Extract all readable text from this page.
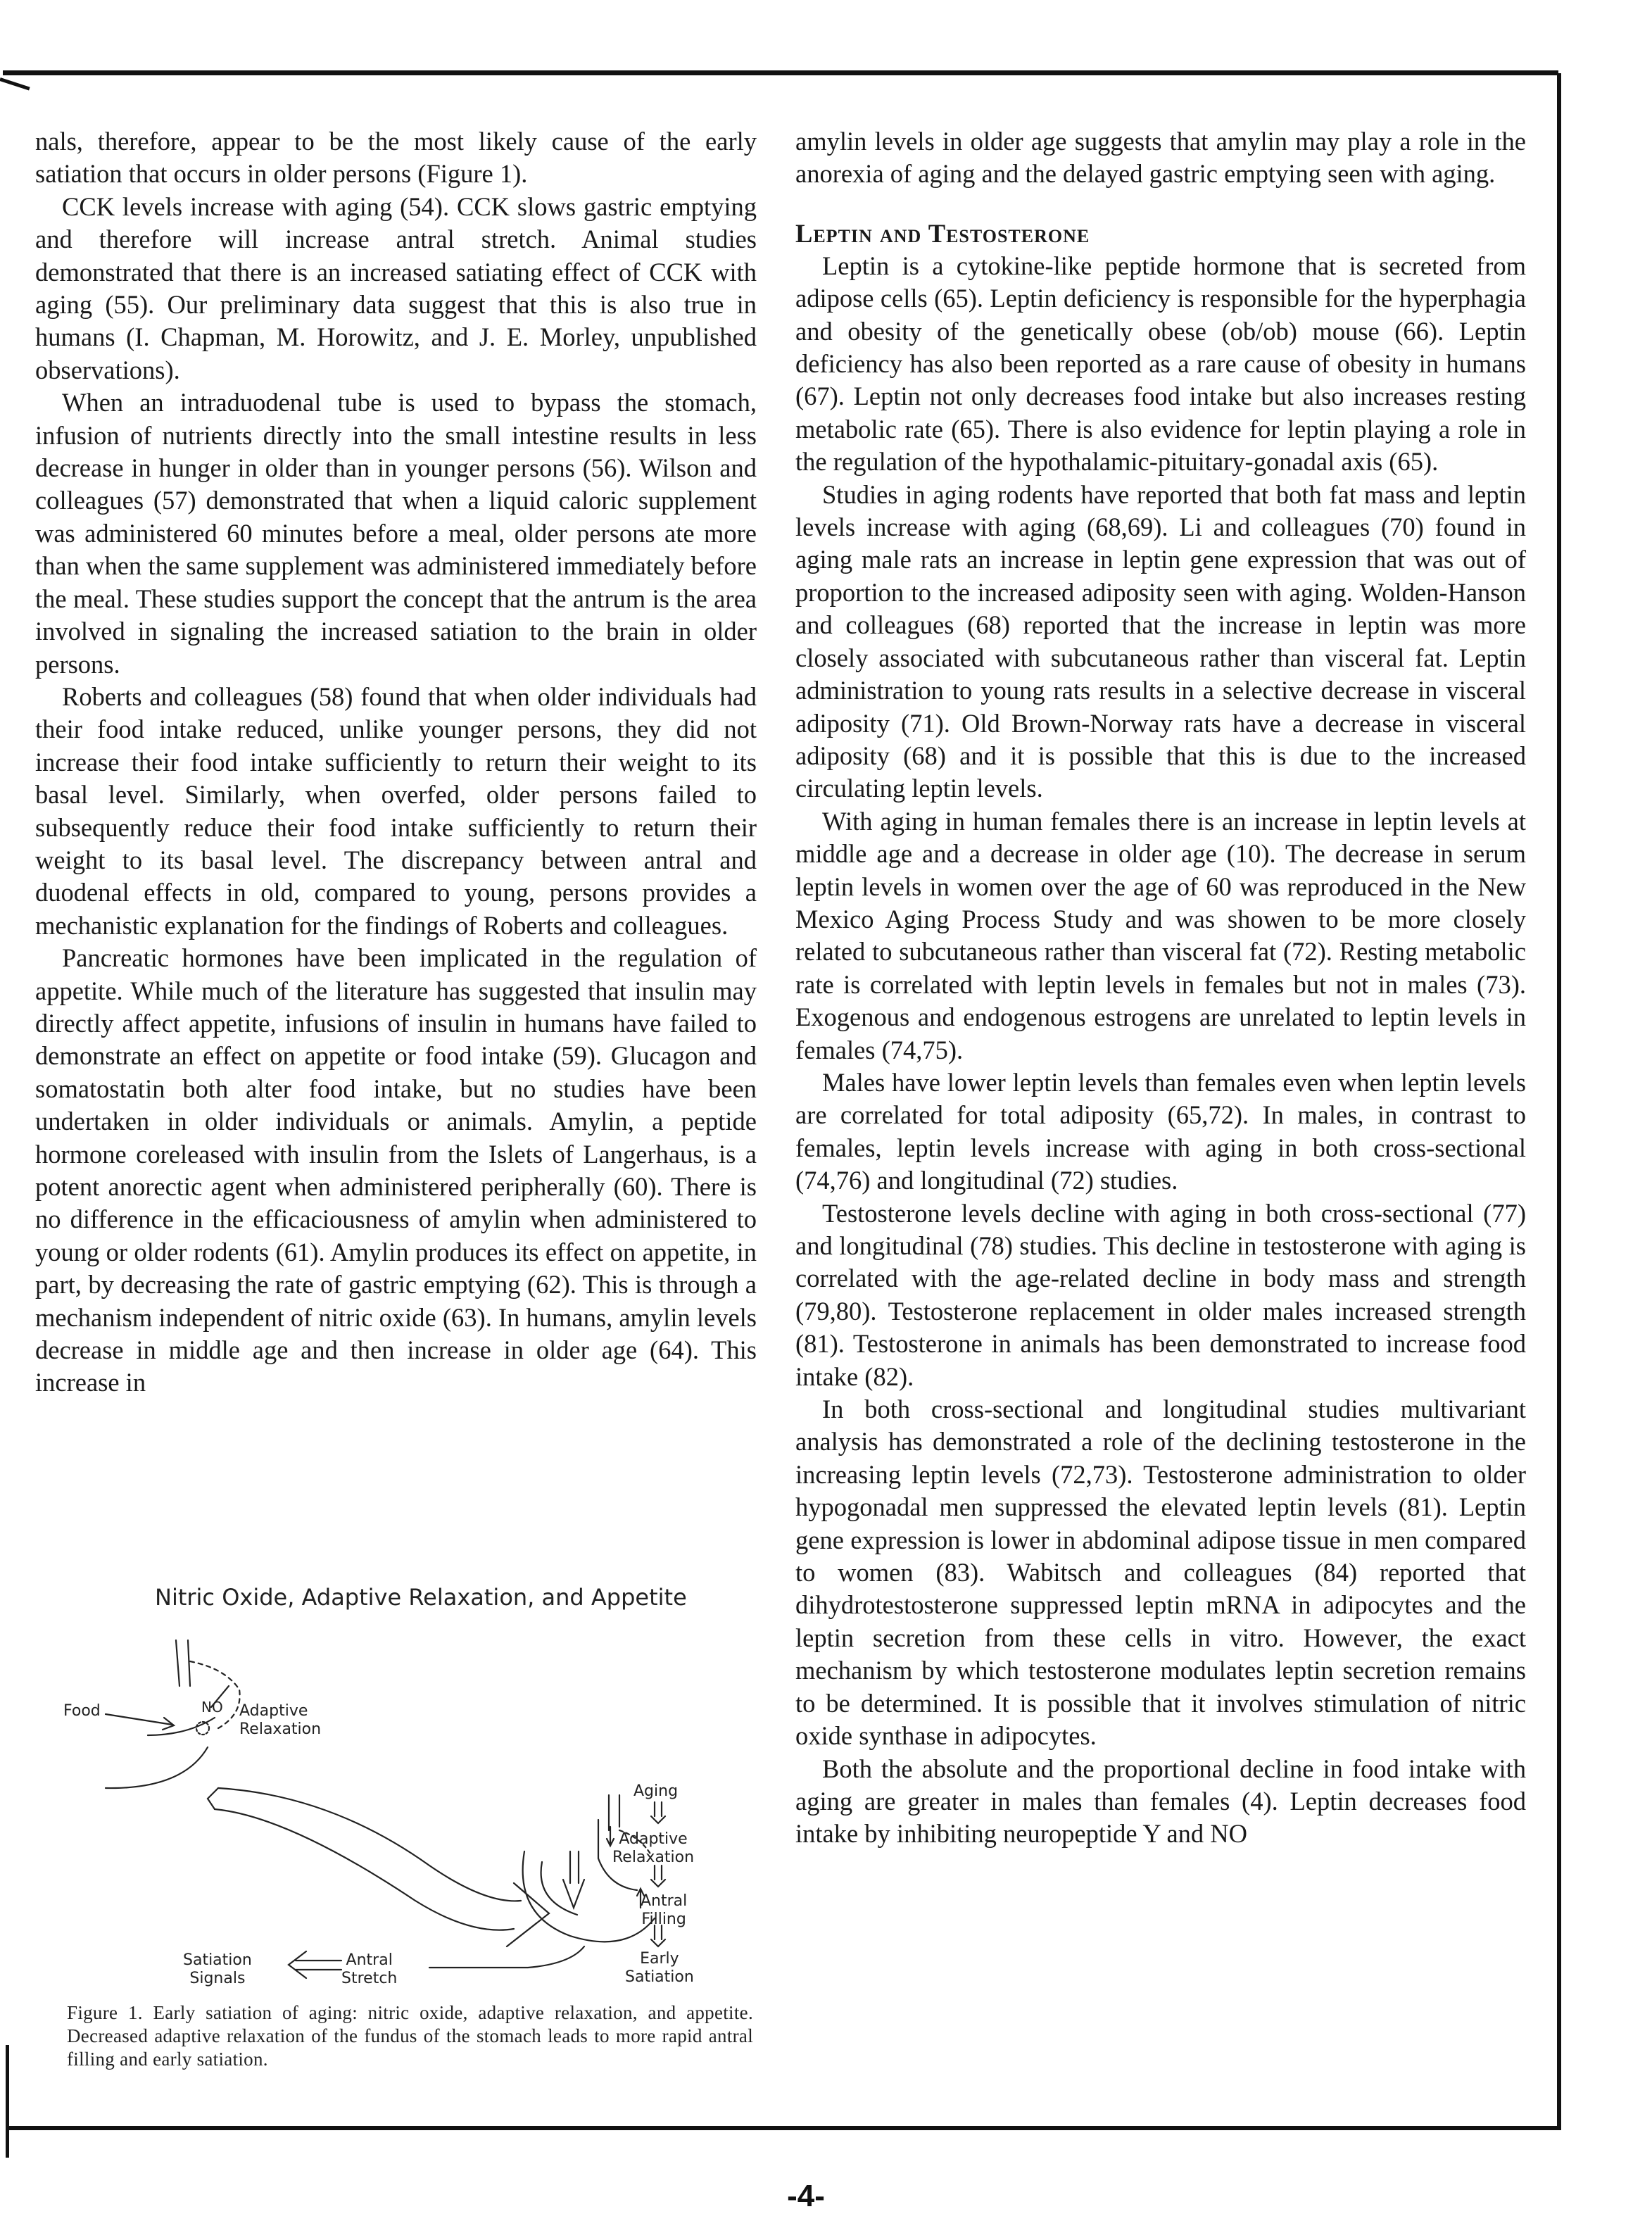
nals, therefore, appear to be the most likely cause of the early satiation that occurs in older persons (Figure 1).

CCK levels increase with aging (54). CCK slows gastric emptying and therefore will increase antral stretch. Animal studies demonstrated that there is an increased satiating effect of CCK with aging (55). Our preliminary data suggest that this is also true in humans (I. Chapman, M. Horowitz, and J. E. Morley, unpublished observations).

When an intraduodenal tube is used to bypass the stomach, infusion of nutrients directly into the small intestine results in less decrease in hunger in older than in younger persons (56). Wilson and colleagues (57) demonstrated that when a liquid caloric supplement was administered 60 minutes before a meal, older persons ate more than when the same supplement was administered immediately before the meal. These studies support the concept that the antrum is the area involved in signaling the increased satiation to the brain in older persons.

Roberts and colleagues (58) found that when older individuals had their food intake reduced, unlike younger persons, they did not increase their food intake sufficiently to return their weight to its basal level. Similarly, when overfed, older persons failed to subsequently reduce their food intake sufficiently to return their weight to its basal level. The discrepancy between antral and duodenal effects in old, compared to young, persons provides a mechanistic explanation for the findings of Roberts and colleagues.

Pancreatic hormones have been implicated in the regulation of appetite. While much of the literature has suggested that insulin may directly affect appetite, infusions of insulin in humans have failed to demonstrate an effect on appetite or food intake (59). Glucagon and somatostatin both alter food intake, but no studies have been undertaken in older individuals or animals. Amylin, a peptide hormone coreleased with insulin from the Islets of Langerhaus, is a potent anorectic agent when administered peripherally (60). There is no difference in the efficaciousness of amylin when administered to young or older rodents (61). Amylin produces its effect on appetite, in part, by decreasing the rate of gastric emptying (62). This is through a mechanism independent of nitric oxide (63). In humans, amylin levels decrease in middle age and then increase in older age (64). This increase in

amylin levels in older age suggests that amylin may play a role in the anorexia of aging and the delayed gastric emptying seen with aging.

Leptin and Testosterone

Leptin is a cytokine-like peptide hormone that is secreted from adipose cells (65). Leptin deficiency is responsible for the hyperphagia and obesity of the genetically obese (ob/ob) mouse (66). Leptin deficiency has also been reported as a rare cause of obesity in humans (67). Leptin not only decreases food intake but also increases resting metabolic rate (65). There is also evidence for leptin playing a role in the regulation of the hypothalamic-pituitary-gonadal axis (65).

Studies in aging rodents have reported that both fat mass and leptin levels increase with aging (68,69). Li and colleagues (70) found in aging male rats an increase in leptin gene expression that was out of proportion to the increased adiposity seen with aging. Wolden-Hanson and colleagues (68) reported that the increase in leptin was more closely associated with subcutaneous rather than visceral fat. Leptin administration to young rats results in a selective decrease in visceral adiposity (71). Old Brown-Norway rats have a decrease in visceral adiposity (68) and it is possible that this is due to the increased circulating leptin levels.

With aging in human females there is an increase in leptin levels at middle age and a decrease in older age (10). The decrease in serum leptin levels in women over the age of 60 was reproduced in the New Mexico Aging Process Study and was showen to be more closely related to subcutaneous rather than visceral fat (72). Resting metabolic rate is correlated with leptin levels in females but not in males (73). Exogenous and endogenous estrogens are unrelated to leptin levels in females (74,75).

Males have lower leptin levels than females even when leptin levels are correlated for total adiposity (65,72). In males, in contrast to females, leptin levels increase with aging in both cross-sectional (74,76) and longitudinal (72) studies.

Testosterone levels decline with aging in both cross-sectional (77) and longitudinal (78) studies. This decline in testosterone with aging is correlated with the age-related decline in body mass and strength (79,80). Testosterone replacement in older males increased strength (81). Testosterone in animals has been demonstrated to increase food intake (82).

In both cross-sectional and longitudinal studies multivariant analysis has demonstrated a role of the declining testosterone in the increasing leptin levels (72,73). Testosterone administration to older hypogonadal men suppressed the elevated leptin levels (81). Leptin gene expression is lower in abdominal adipose tissue in men compared to women (83). Wabitsch and colleagues (84) reported that dihydrotestosterone suppressed leptin mRNA in adipocytes and the leptin secretion from these cells in vitro. However, the exact mechanism by which testosterone modulates leptin secretion remains to be determined. It is possible that it involves stimulation of nitric oxide synthase in adipocytes.

Both the absolute and the proportional decline in food intake with aging are greater in males than females (4). Leptin decreases food intake by inhibiting neuropeptide Y and NO

Nitric Oxide, Adaptive Relaxation, and Appetite
Food	NO Adaptive
Relaxation
Aging
Adaptive
Relaxation
Antral
Filling
Early
Satiation
Satiation
Signals
Antral
Stretch
Figure 1. Early satiation of aging: nitric oxide, adaptive relaxation, and appetite. Decreased adaptive relaxation of the fundus of the stomach leads to more rapid antral filling and early satiation.
-4-
